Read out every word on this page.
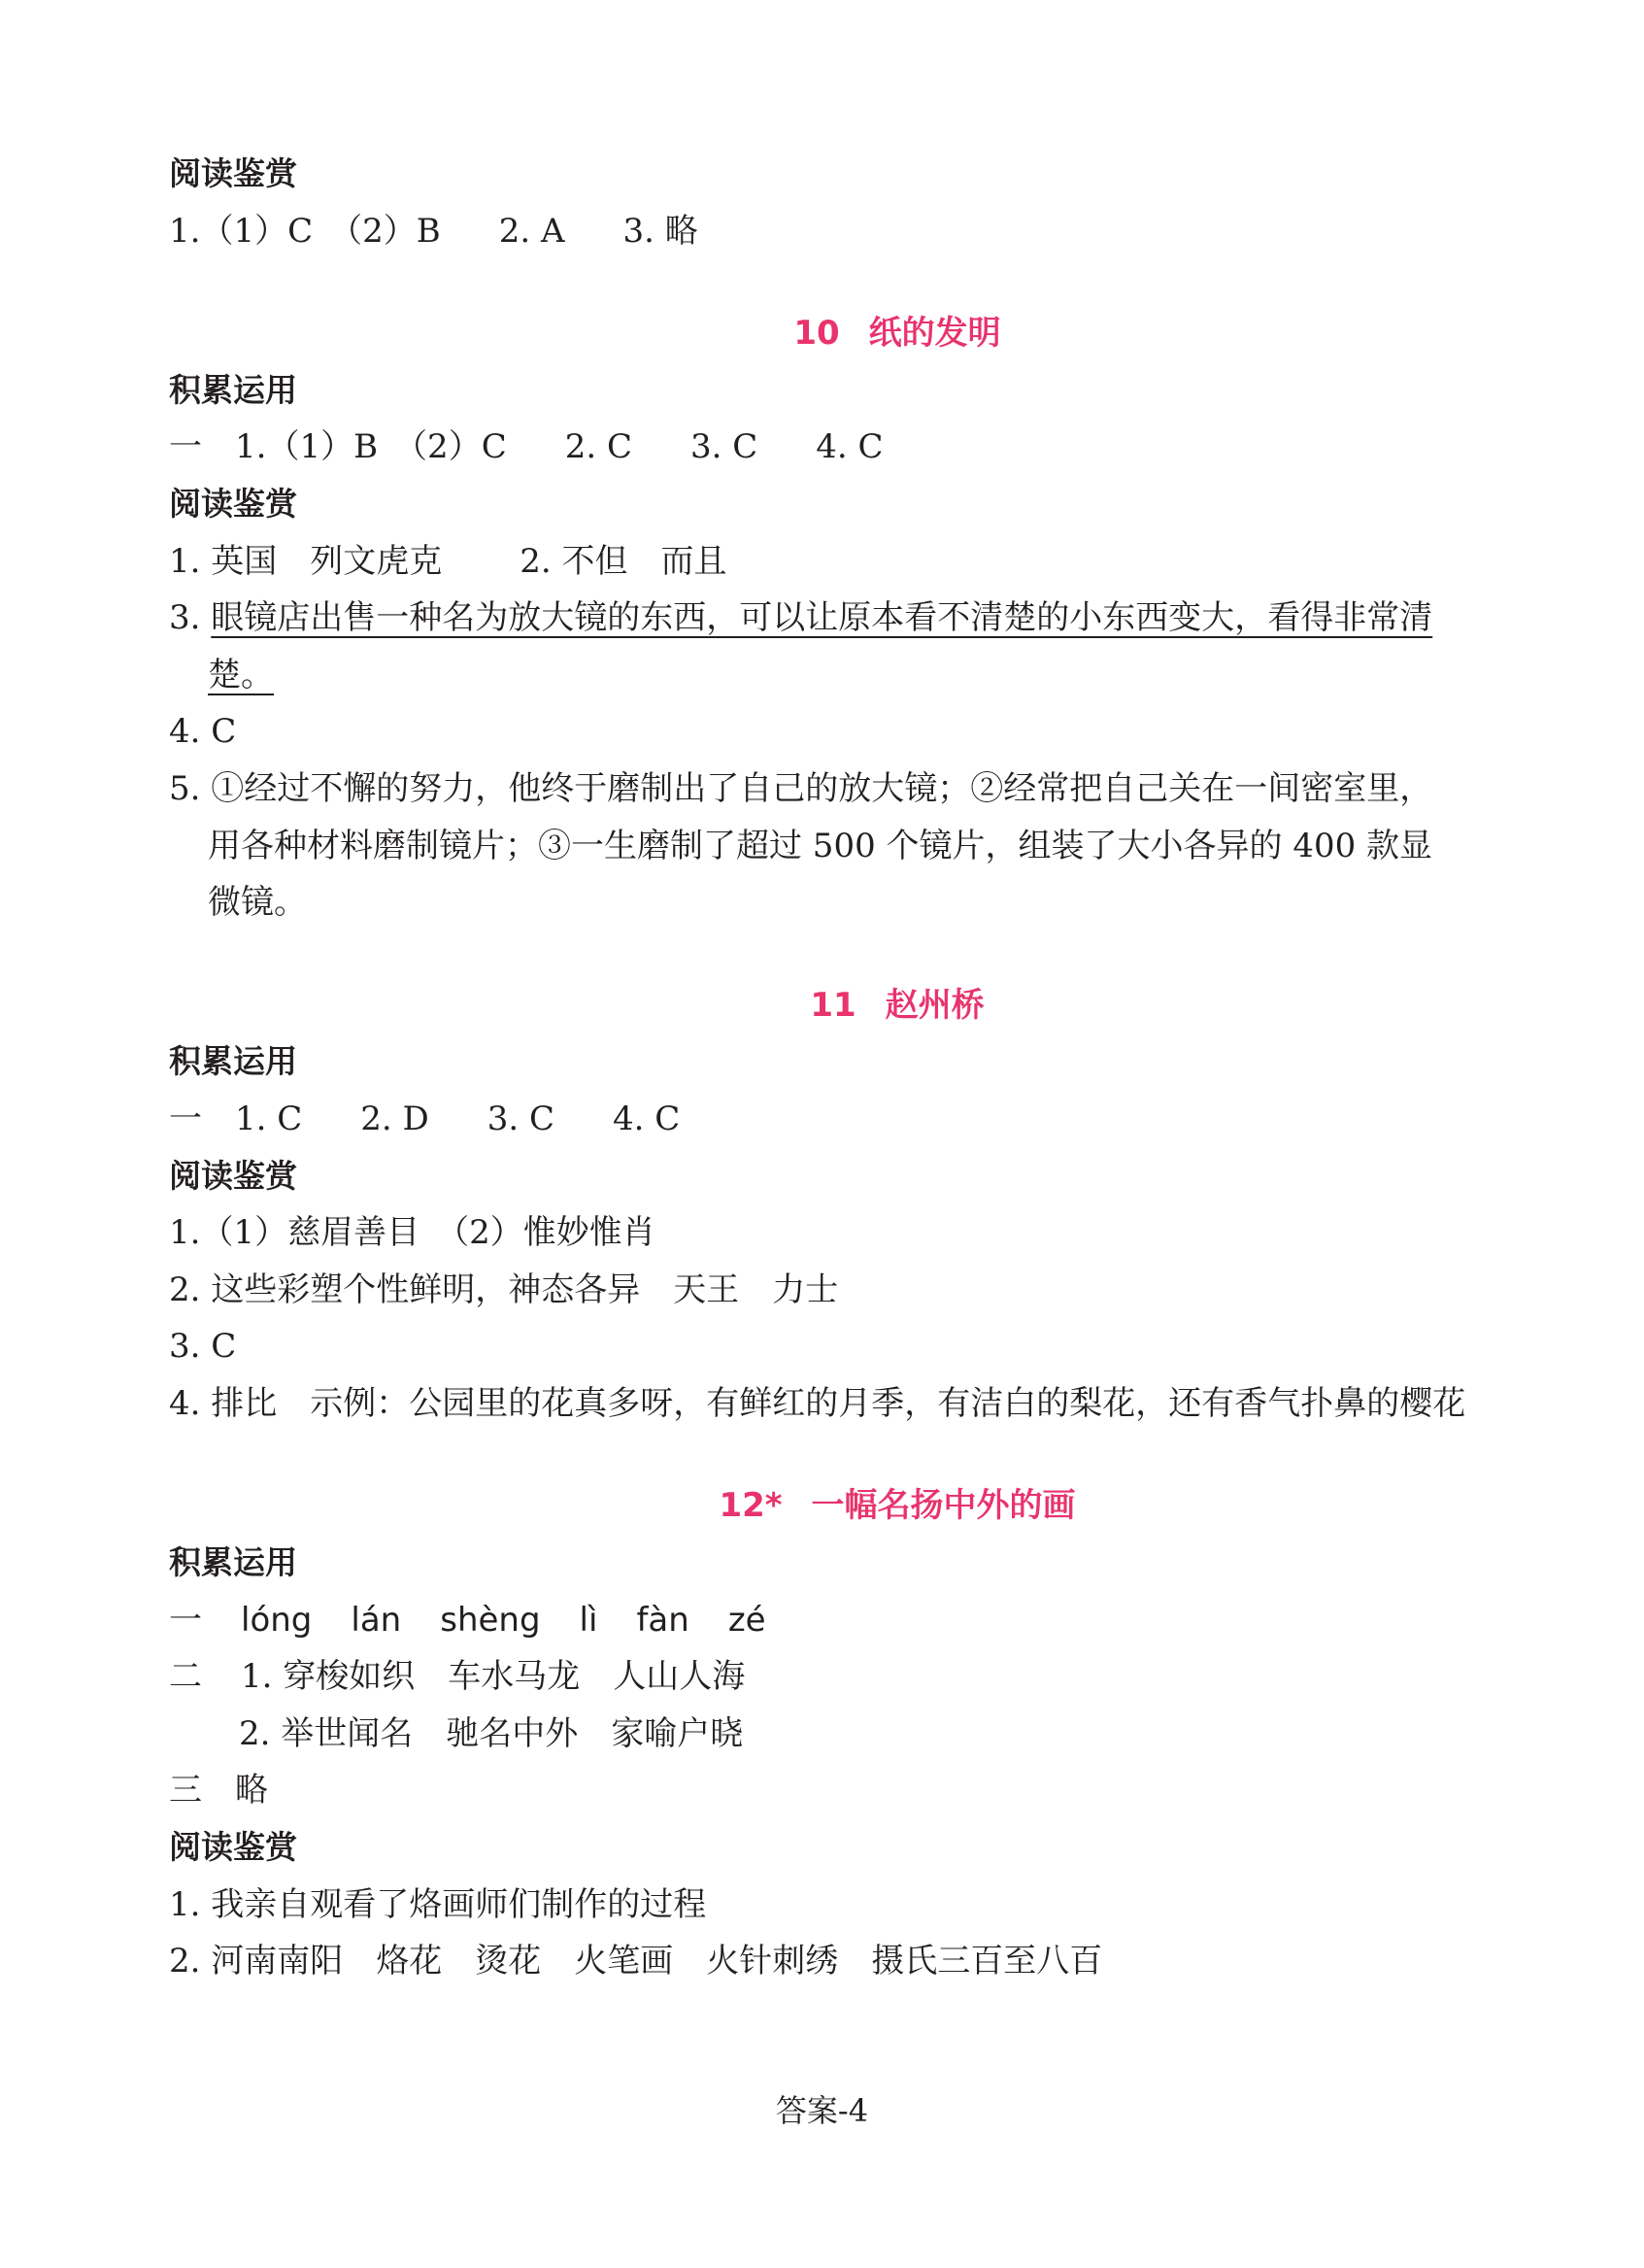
阅读鉴赏
1.（1）C　（2）B 2. A 3. 略
10 纸的发明
积累运用
一　1.（1）B　（2）C 2. C 3. C 4. C
阅读鉴赏
1. 英国　列文虎克 2. 不但　而且
3. 眼镜店出售一种名为放大镜的东西，可以让原本看不清楚的小东西变大，看得非常清楚。
4. C
5. ①经过不懈的努力，他终于磨制出了自己的放大镜；②经常把自己关在一间密室里，用各种材料磨制镜片；③一生磨制了超过 500 个镜片，组装了大小各异的 400 款显微镜。
11 赵州桥
积累运用
一　1. C 2. D 3. C 4. C
阅读鉴赏
1.（1）慈眉善目　（2）惟妙惟肖
2. 这些彩塑个性鲜明，神态各异　天王　力士
3. C
4. 排比　示例：公园里的花真多呀，有鲜红的月季，有洁白的梨花，还有香气扑鼻的樱花
12* 一幅名扬中外的画
积累运用
一 lóng lán shèng lì fàn zé
二 1. 穿梭如织　车水马龙　人山人海
2. 举世闻名　驰名中外　家喻户晓
三　略
阅读鉴赏
1. 我亲自观看了烙画师们制作的过程
2. 河南南阳　烙花　烫花　火笔画　火针刺绣　摄氏三百至八百
答案-4
